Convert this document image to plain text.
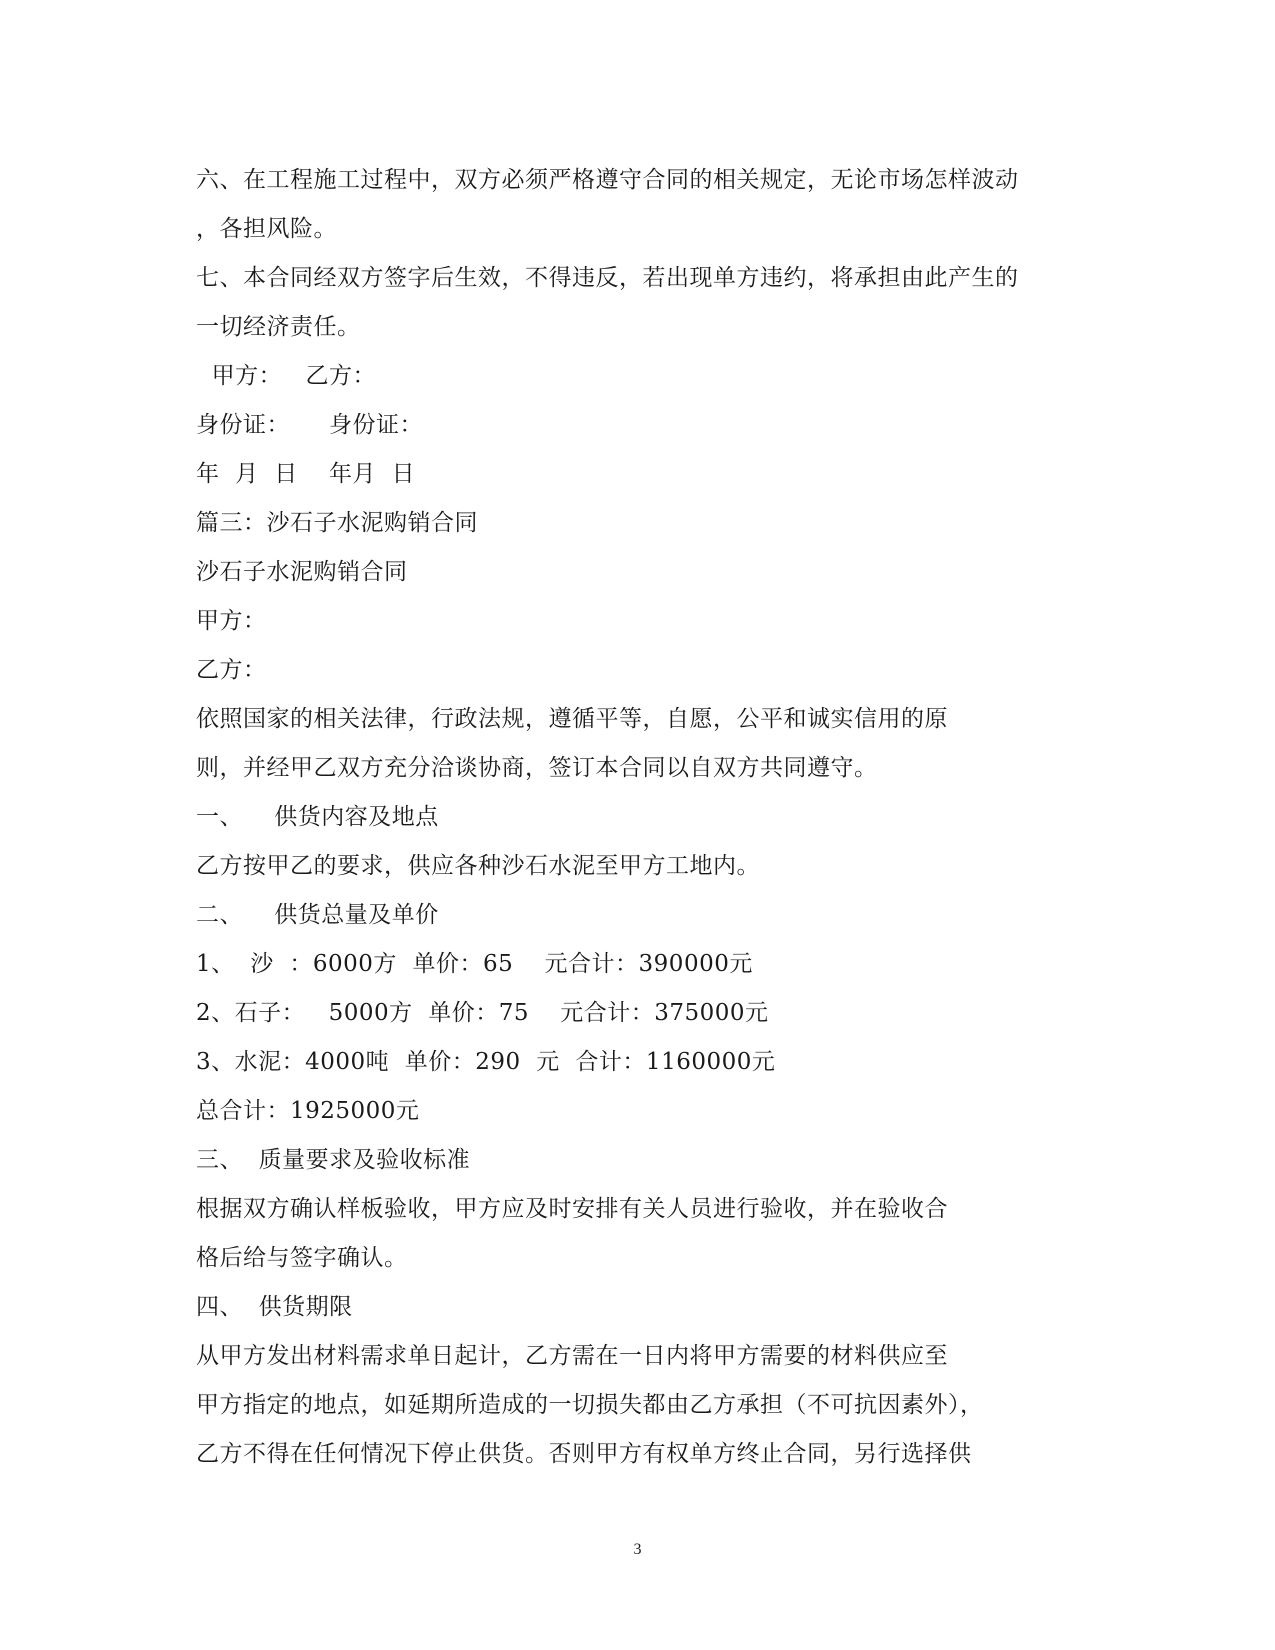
六、在工程施工过程中，双方必须严格遵守合同的相关规定，无论市场怎样波动
，各担风险。
七、本合同经双方签字后生效，不得违反，若出现单方违约，将承担由此产生的
一切经济责任。
甲方：   乙方：
身份证：     身份证：
年  月  日    年月  日
篇三：沙石子水泥购销合同
沙石子水泥购销合同
甲方：
乙方：
依照国家的相关法律，行政法规，遵循平等，自愿，公平和诚实信用的原
则，并经甲乙双方充分洽谈协商，签订本合同以自双方共同遵守。
一、    供货内容及地点
乙方按甲乙的要求，供应各种沙石水泥至甲方工地内。
二、    供货总量及单价
1、  沙  ：6000方  单价：65    元合计：390000元
2、石子：   5000方  单价：75    元合计：375000元
3、水泥：4000吨  单价：290  元  合计：1160000元
总合计：1925000元
三、  质量要求及验收标准
根据双方确认样板验收，甲方应及时安排有关人员进行验收，并在验收合
格后给与签字确认。
四、  供货期限
从甲方发出材料需求单日起计，乙方需在一日内将甲方需要的材料供应至
甲方指定的地点，如延期所造成的一切损失都由乙方承担（不可抗因素外），
乙方不得在任何情况下停止供货。否则甲方有权单方终止合同，另行选择供
3
